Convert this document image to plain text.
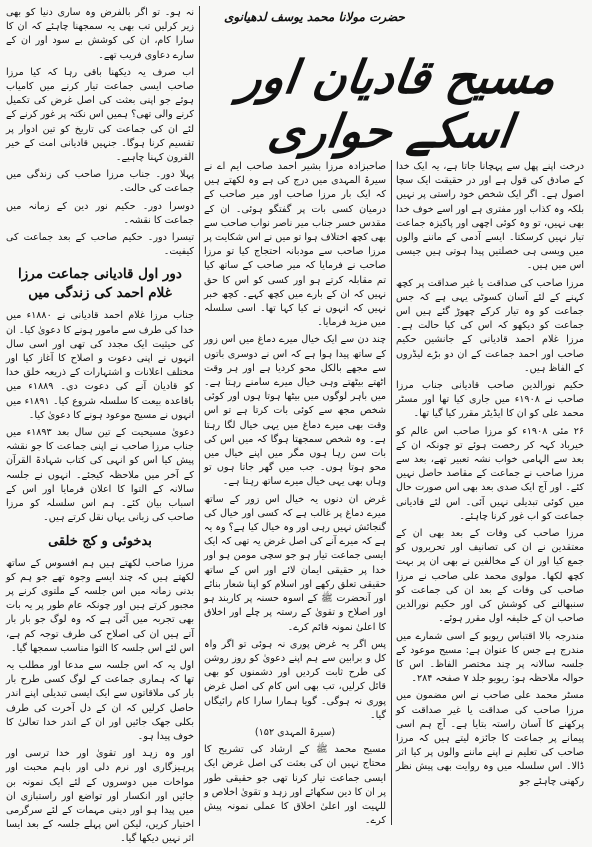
حضرت مولانا محمد یوسف لدھیانوی
مسیح قادیان اور اسکے حواری

نہ ہو۔ تو اگر بالفرض وہ ساری دنیا کو بھی زیر کرلیں تب بھی یہ سمجھنا چاہئے کہ ان کا سارا کام، ان کی کوشش بے سود اور ان کے سارے دعاوی فریب تھے۔

اب صرف یہ دیکھنا باقی رہا کہ کیا مرزا صاحب ایسی جماعت تیار کرنے میں کامیاب ہوئے جو اپنی بعثت کی اصل غرض کی تکمیل کرنے والی تھی؟ ہمیں اس نکتہ پر غور کرنے کے لئے ان کی جماعت کی تاریخ کو تین ادوار پر تقسیم کرنا ہوگا۔ جنہیں قادیانی امت کے خیر القرون کہنا چاہیے۔

پہلا دور۔ جناب مرزا صاحب کی زندگی میں جماعت کی حالت۔

دوسرا دور۔ حکیم نور دین کے زمانہ میں جماعت کا نقشہ۔

تیسرا دور۔ حکیم صاحب کے بعد جماعت کی کیفیت۔

دور اول قادیانی جماعت مرزا غلام احمد کی زندگی میں

جناب مرزا غلام احمد قادیانی نے ۱۸۸۰ء میں خدا کی طرف سے مامور ہونے کا دعویٰ کیا۔ ان کی حیثیت ایک مجدد کی تھی اور اسی سال انہوں نے اپنی دعوت و اصلاح کا آغاز کیا اور مختلف اعلانات و اشتہارات کے ذریعہ خلق خدا کو قادیان آنے کی دعوت دی۔ ۱۸۸۹ء میں باقاعدہ بیعت کا سلسلہ شروع کیا۔ ۱۸۹۱ء میں انہوں نے مسیح موعود ہونے کا دعویٰ کیا۔

دعویٰ مسیحیت کے تین سال بعد ۱۸۹۳ء میں جناب مرزا صاحب نے اپنی جماعت کا جو نقشہ پیش کیا اس کو انہی کی کتاب شہادۃ القرآن کے آخر میں ملاحظہ کیجئے۔ انہوں نے جلسہ سالانہ کے التوا کا اعلان فرمایا اور اس کے اسباب بیان کئے۔ ہم اس سلسلہ کو مرزا صاحب کی زبانی یہاں نقل کرتے ہیں۔

بدخوئی و کج خلقی

مرزا صاحب لکھتے ہیں ہم افسوس کے ساتھ لکھتے ہیں کہ چند ایسے وجوہ تھے جو ہم کو بدنی زمانہ میں اس جلسہ کے ملتوی کرنے پر مجبور کرتے ہیں اور چونکہ عام طور پر یہ بات بھی تجربہ میں آئی ہے کہ وہ لوگ جو بار بار آتے ہیں ان کی اصلاح کی طرف توجہ کم ہے، اس لئے اس جلسہ کا التوا مناسب سمجھا گیا۔

اول یہ کہ اس جلسہ سے مدعا اور مطلب یہ تھا کہ ہماری جماعت کے لوگ کسی طرح بار بار کی ملاقاتوں سے ایک ایسی تبدیلی اپنے اندر حاصل کرلیں کہ ان کے دل آخرت کی طرف بکلی جھک جائیں اور ان کے اندر خدا تعالیٰ کا خوف پیدا ہو۔

اور وہ زہد اور تقویٰ اور خدا ترسی اور پرہیزگاری اور نرم دلی اور باہم محبت اور مواخات میں دوسروں کے لئے ایک نمونہ بن جائیں اور انکسار اور تواضع اور راستبازی ان میں پیدا ہو اور دینی مہمات کے لئے سرگرمی اختیار کریں، لیکن اس پہلے جلسہ کے بعد ایسا اثر نہیں دیکھا گیا۔

صاحبزادہ مرزا بشیر احمد صاحب ایم اے نے سیرۃ المہدی میں درج کی ہے وہ لکھتے ہیں کہ ایک بار مرزا صاحب اور میر صاحب کے درمیان کسی بات پر گفتگو ہوئی۔ ان کے مقدس خسر جناب میر ناصر نواب صاحب سے بھی کچھ اختلاف ہوا تو میں نے اس شکایت پر مرزا صاحب سے مودبانہ احتجاج کیا تو مرزا صاحب نے فرمایا کہ میر صاحب کے ساتھ کیا تم مقابلہ کرتے ہو اور کسی کو اس کا حق نہیں کہ ان کے بارے میں کچھ کہے۔ کچھ خبر نہیں کہ انہوں نے کیا کہا تھا۔ اسی سلسلہ میں مزید فرمایا۔

چند دن سے ایک خیال میرے دماغ میں اس زور کے ساتھ پیدا ہوا ہے کہ اس نے دوسری باتوں سے مجھے بالکل محو کردیا ہے اور ہر وقت اٹھتے بیٹھتے وہی خیال میرے سامنے رہتا ہے۔ میں باہر لوگوں میں بیٹھا ہوتا ہوں اور کوئی شخص مجھ سے کوئی بات کرتا ہے تو اس وقت بھی میرے دماغ میں یہی خیال لگا رہتا ہے۔ وہ شخص سمجھتا ہوگا کہ میں اس کی بات سن رہا ہوں مگر میں اپنے خیال میں محو ہوتا ہوں۔ جب میں گھر جاتا ہوں تو وہاں بھی یہی خیال میرے ساتھ رہتا ہے۔

غرض ان دنوں یہ خیال اس زور کے ساتھ میرے دماغ پر غالب ہے کہ کسی اور خیال کی گنجائش نہیں رہی اور وہ خیال کیا ہے؟ وہ یہ ہے کہ میرے آنے کی اصل غرض یہ تھی کہ ایک ایسی جماعت تیار ہو جو سچی مومن ہو اور خدا پر حقیقی ایمان لائے اور اس کے ساتھ حقیقی تعلق رکھے اور اسلام کو اپنا شعار بنائے اور آنحضرت ﷺ کے اسوہ حسنہ پر کاربند ہو اور اصلاح و تقویٰ کے رستہ پر چلے اور اخلاق کا اعلیٰ نمونہ قائم کرے۔

پس اگر یہ غرض پوری نہ ہوئی تو اگر واہ کل و برابین سے ہم اپنے دعویٰ کو روز روشن کی طرح ثابت کردیں اور دشمنوں کو بھی قائل کرلیں، تب بھی اس کام کی اصل غرض پوری نہ ہوگی۔ گویا ہمارا سارا کام رائیگاں گیا۔

(سیرۃ المہدی ۱۵۲)

مسیح محمد ﷺ کے ارشاد کی تشریح کا محتاج نہیں ان کی بعثت کی اصل غرض ایک ایسی جماعت تیار کرنا تھی جو حقیقی طور پر ان کا دین سکھائے اور زہد و تقویٰ اخلاص و للہیت اور اعلیٰ اخلاق کا عملی نمونہ پیش کرے۔

درخت اپنے پھل سے پہچانا جاتا ہے، یہ ایک خدا کے صادق کی قول ہے اور در حقیقت ایک سچا اصول ہے۔ اگر ایک شخص خود راستی پر نہیں بلکہ وہ کذاب اور مفتری ہے اور اسے خوف خدا بھی نہیں، تو وہ کوئی اچھی اور پاکیزہ جماعت تیار نہیں کرسکتا۔ ایسے آدمی کے ماننے والوں میں ویسی ہی خصلتیں پیدا ہوتی ہیں جیسی اس میں ہیں۔

مرزا صاحب کی صداقت یا غیر صداقت پر کچھ کہنے کے لئے آسان کسوٹی یہی ہے کہ جس جماعت کو وہ تیار کرکے چھوڑ گئے ہیں اس جماعت کو دیکھو کہ اس کی کیا حالت ہے۔ مرزا غلام احمد قادیانی کے جانشین حکیم صاحب اور احمد جماعت کے ان دو بڑے لیڈروں کے الفاظ ہیں۔

حکیم نورالدین صاحب قادیانی جناب مرزا صاحب نے ۱۹۰۸ء میں جاری کیا تھا اور مسٹر محمد علی کو ان کا ایڈیٹر مقرر کیا گیا تھا۔

۲۶ مئی ۱۹۰۸ء کو مرزا صاحب اس عالم کو خیرباد کہہ کر رخصت ہوئے تو چونکہ ان کے بعد سے الہامی خواب نشہ تعبیر تھے، بعد سے مرزا صاحب نے جماعت کے مقاصد حاصل نہیں کئے۔ اور آج ایک صدی بعد بھی اس صورت حال میں کوئی تبدیلی نہیں آئی۔ اس لئے قادیانی جماعت کو اب غور کرنا چاہئے۔

مرزا صاحب کی وفات کے بعد بھی ان کے معتقدین نے ان کی تصانیف اور تحریروں کو جمع کیا اور ان کے مخالفین نے بھی ان پر بہت کچھ لکھا۔ مولوی محمد علی صاحب نے مرزا صاحب کی وفات کے بعد ان کی جماعت کو سنبھالنے کی کوشش کی اور حکیم نورالدین صاحب ان کے خلیفہ اول مقرر ہوئے۔

مندرجہ بالا اقتباس ریویو کے اسی شمارے میں مندرج ہے جس کا عنوان ہے: مسیح موعود کے جلسہ سالانہ پر چند مختصر الفاظ۔ اس کا حوالہ ملاحظہ ہو: ریویو جلد ۷ صفحہ ۲۸۴۔

مسٹر محمد علی صاحب نے اس مضمون میں مرزا صاحب کی صداقت یا غیر صداقت کو پرکھنے کا آسان راستہ بتایا ہے۔ آج ہم اسی پیمانے پر جماعت کا جائزہ لیتے ہیں کہ مرزا صاحب کی تعلیم نے اپنے ماننے والوں پر کیا اثر ڈالا۔ اس سلسلہ میں وہ روایت بھی پیش نظر رکھنی چاہئے جو
